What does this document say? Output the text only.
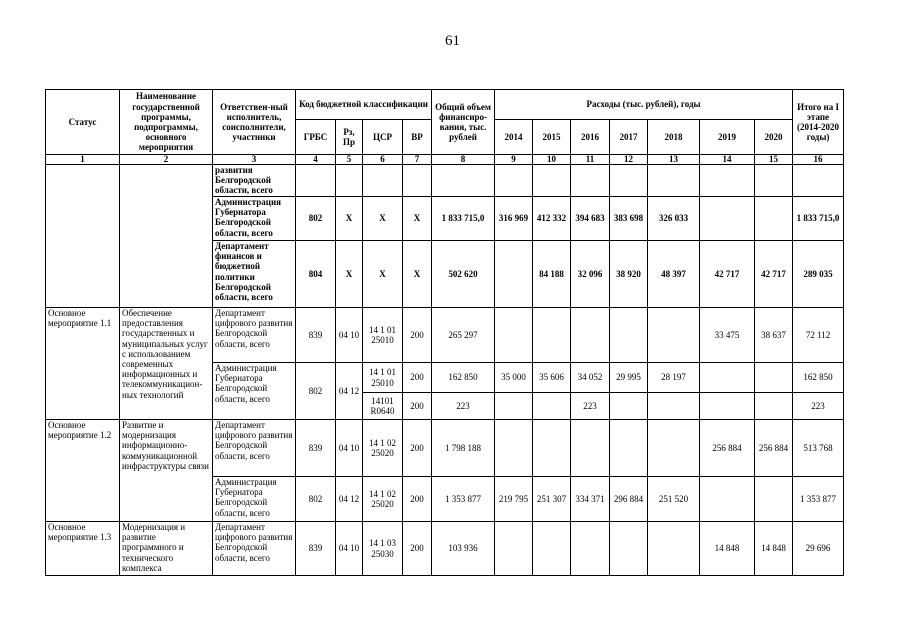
61
Статус	Наименование государственной программы, подпрограммы, основного мероприятия	Ответствен-ный исполнитель, соисполнители, участники	Код бюджетной классификации				Общий объем финансиро-вания, тыс. рублей	Расходы (тыс. рублей), годы							Итого на I этапе (2014-2020 годы)
			ГРБС	Рз, Пр	ЦСР	ВР		2014	2015	2016	2017	2018	2019	2020	
1	2	3	4	5	6	7	8	9	10	11	12	13	14	15	16
		развития Белгородской области, всего													
		Администрация Губернатора Белгородской области, всего	802	Х	Х	Х	1 833 715,0	316 969	412 332	394 683	383 698	326 033			1 833 715,0
		Департамент финансов и бюджетной политики Белгородской области, всего	804	Х	Х	Х	502 620		84 188	32 096	38 920	48 397	42 717	42 717	289 035
Основное мероприятие 1.1	Обеспечение предоставления государственных и муниципальных услуг с использованием современных информационных и телекоммуникацион-ных технологий	Департамент цифрового развития Белгородской области, всего	839	04 10	14 1 01 25010	200	265 297						33 475	38 637	72 112
		Администрация Губернатора Белгородской области, всего	802	04 12	14 1 01 25010	200	162 850	35 000	35 606	34 052	29 995	28 197			162 850
					14101 R0640	200	223			223					223
Основное мероприятие 1.2	Развитие и модернизация информационно-коммуникационной инфраструктуры связи	Департамент цифрового развития Белгородской области, всего	839	04 10	14 1 02 25020	200	1 798 188						256 884	256 884	513 768
		Администрация Губернатора Белгородской области, всего	802	04 12	14 1 02 25020	200	1 353 877	219 795	251 307	334 371	296 884	251 520			1 353 877
Основное мероприятие 1.3	Модернизация и развитие программного и технического комплекса	Департамент цифрового развития Белгородской области, всего	839	04 10	14 1 03 25030	200	103 936						14 848	14 848	29 696
